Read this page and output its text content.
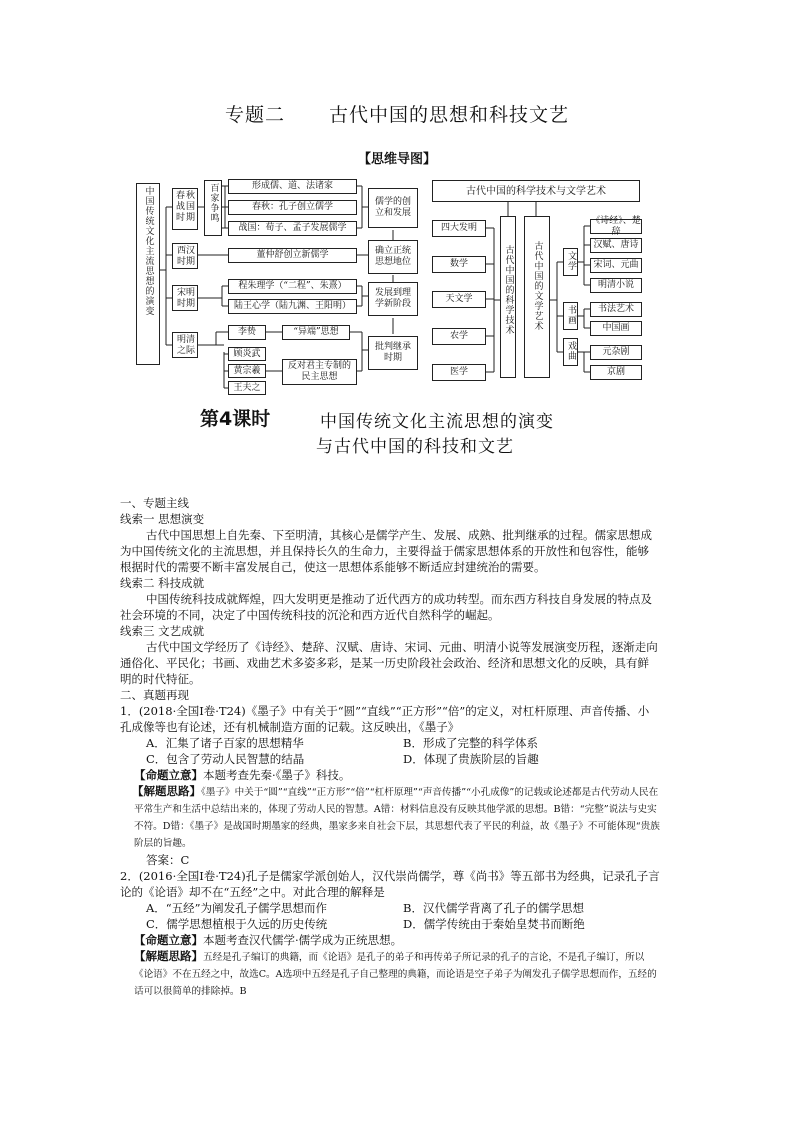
专题二 古代中国的思想和科技文艺
【思维导图】
中国传统文化主流思想的演变	春秋战国时期
西汉时期
宋明时期
明清之际
百家争鸣	形成儒、道、法诸家
春秋：孔子创立儒学
战国：荀子、孟子发展儒学
董仲舒创立新儒学
程朱理学（“二程”、朱熹）
陆王心学（陆九渊、王阳明）
李贽	“异端”思想
顾炎武
黄宗羲
王夫之
反对君主专制的民主思想
儒学的创立和发展
确立正统思想地位
发展到理学新阶段
批判继承时期
古代中国的科学技术与文学艺术
四大发明
数学
天文学
农学
医学
古代中国的科学技术	古代中国的文学艺术	文学
书画
戏曲
《诗经》、楚辞
汉赋、唐诗
宋词、元曲
明清小说
书法艺术
中国画
元杂剧
京剧
第4课时	中国传统文化主流思想的演变
与古代中国的科技和文艺

一、专题主线

线索一 思想演变

古代中国思想上自先秦、下至明清，其核心是儒学产生、发展、成熟、批判继承的过程。儒家思想成为中国传统文化的主流思想，并且保持长久的生命力，主要得益于儒家思想体系的开放性和包容性，能够根据时代的需要不断丰富发展自己，使这一思想体系能够不断适应封建统治的需要。

线索二 科技成就

中国传统科技成就辉煌，四大发明更是推动了近代西方的成功转型。而东西方科技自身发展的特点及社会环境的不同，决定了中国传统科技的沉沦和西方近代自然科学的崛起。

线索三 文艺成就

古代中国文学经历了《诗经》、楚辞、汉赋、唐诗、宋词、元曲、明清小说等发展演变历程，逐渐走向通俗化、平民化；书画、戏曲艺术多姿多彩，是某一历史阶段社会政治、经济和思想文化的反映，具有鲜明的时代特征。

二、真题再现

1．(2018·全国Ⅰ卷·T24)《墨子》中有关于“圆”“直线”“正方形”“倍”的定义，对杠杆原理、声音传播、小孔成像等也有论述，还有机械制造方面的记载。这反映出，《墨子》

A．汇集了诸子百家的思想精华	B．形成了完整的科学体系
C．包含了劳动人民智慧的结晶	D．体现了贵族阶层的旨趣

【命题立意】本题考查先秦·《墨子》科技。

【解题思路】《墨子》中关于“圆”“直线”“正方形”“倍”“杠杆原理”“声音传播”“小孔成像”的记载或论述都是古代劳动人民在平常生产和生活中总结出来的，体现了劳动人民的智慧。A错：材料信息没有反映其他学派的思想。B错：“完整”说法与史实不符。D错：《墨子》是战国时期墨家的经典，墨家多来自社会下层，其思想代表了平民的利益，故《墨子》不可能体现“贵族阶层的旨趣。

答案：C

2．(2016·全国Ⅰ卷·T24)孔子是儒家学派创始人，汉代崇尚儒学，尊《尚书》等五部书为经典，记录孔子言论的《论语》却不在“五经”之中。对此合理的解释是

A．“五经”为阐发孔子儒学思想而作	B．汉代儒学背离了孔子的儒学思想
C．儒学思想植根于久远的历史传统	D．儒学传统由于秦始皇焚书而断绝

【命题立意】本题考查汉代儒学·儒学成为正统思想。

【解题思路】五经是孔子编订的典籍，而《论语》是孔子的弟子和再传弟子所记录的孔子的言论，不是孔子编订，所以《论语》不在五经之中，故选C。A选项中五经是孔子自己整理的典籍，而论语是空子弟子为阐发孔子儒学思想而作，五经的话可以很简单的排除掉。B
